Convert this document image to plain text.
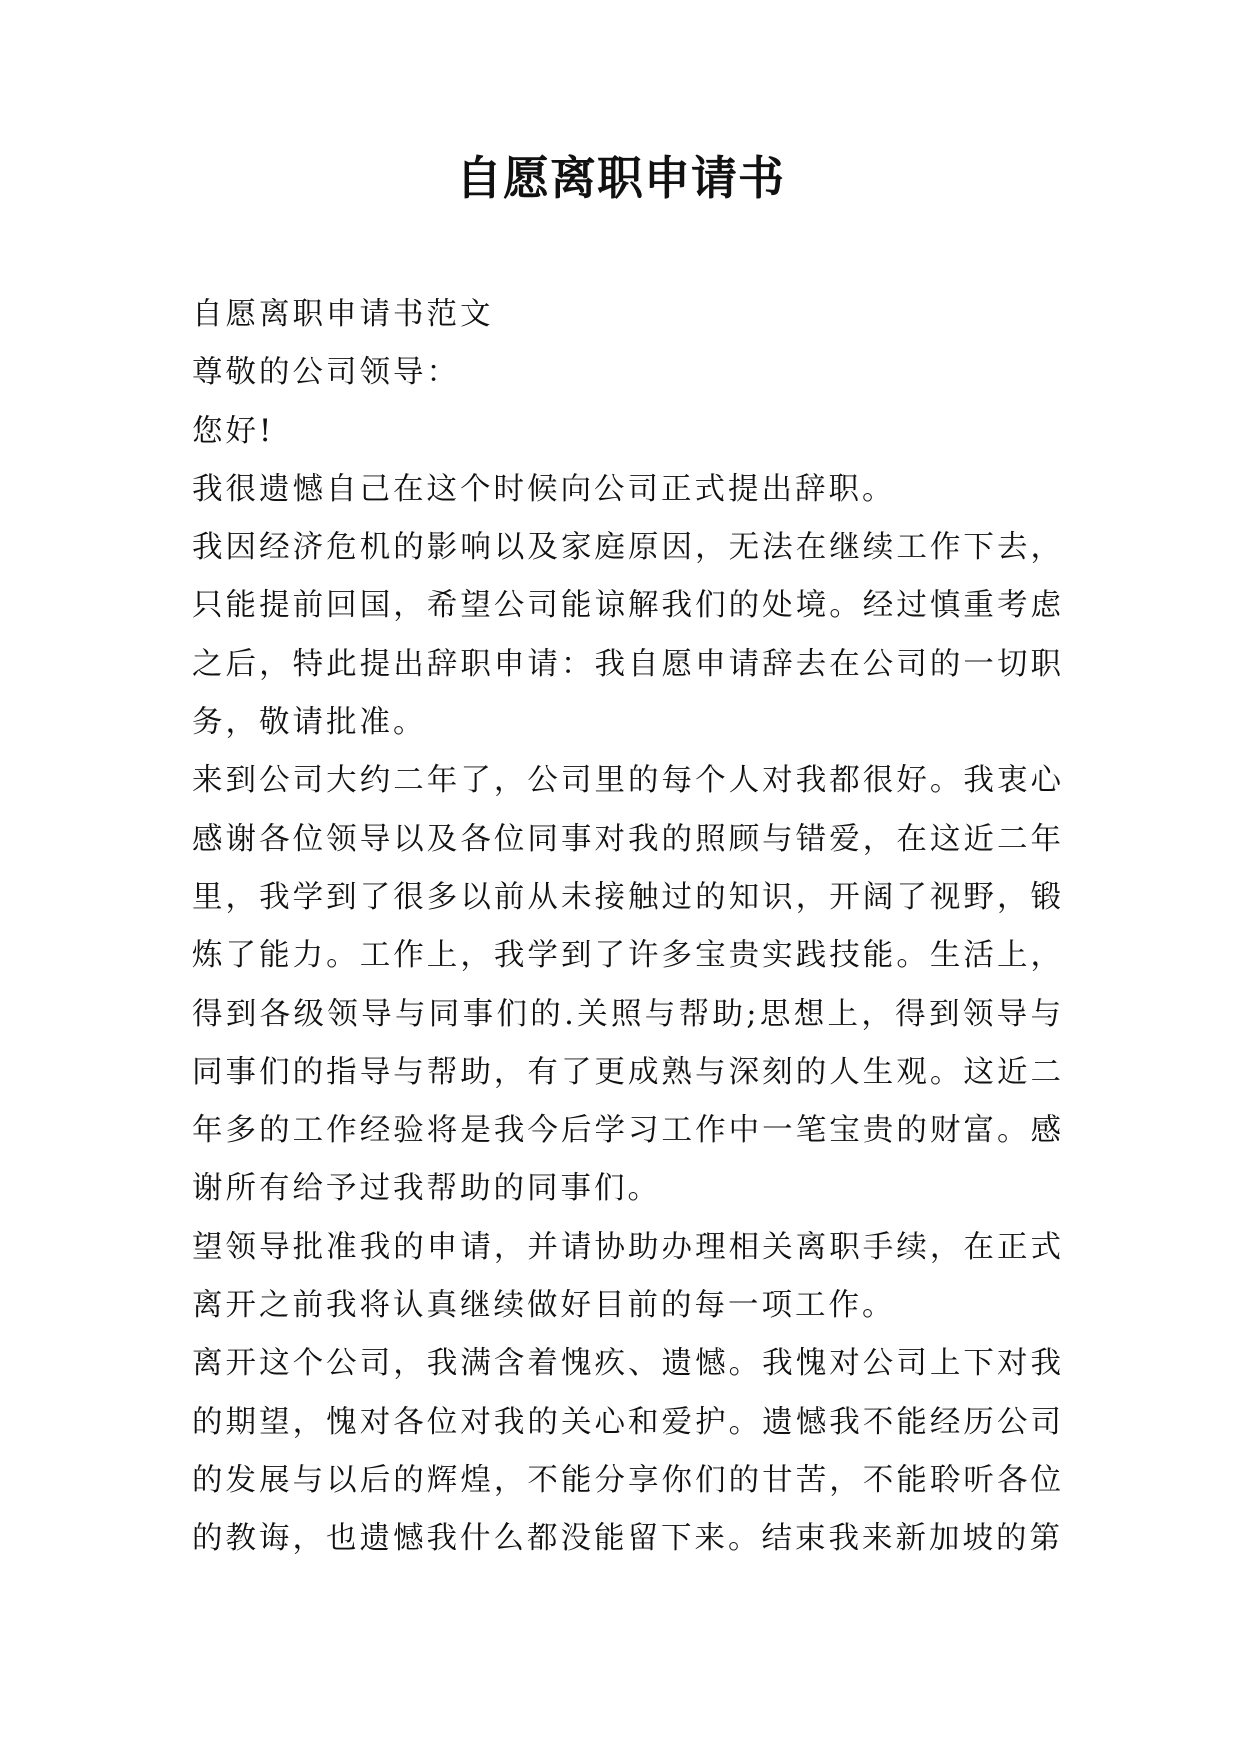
自愿离职申请书

自愿离职申请书范文

尊敬的公司领导：

您好!

我很遗憾自己在这个时候向公司正式提出辞职。

我因经济危机的影响以及家庭原因，无法在继续工作下去，只能提前回国，希望公司能谅解我们的处境。经过慎重考虑之后，特此提出辞职申请：我自愿申请辞去在公司的一切职务，敬请批准。

来到公司大约二年了，公司里的每个人对我都很好。我衷心感谢各位领导以及各位同事对我的照顾与错爱，在这近二年里，我学到了很多以前从未接触过的知识，开阔了视野，锻炼了能力。工作上，我学到了许多宝贵实践技能。生活上，得到各级领导与同事们的.关照与帮助;思想上，得到领导与同事们的指导与帮助，有了更成熟与深刻的人生观。这近二年多的工作经验将是我今后学习工作中一笔宝贵的财富。感谢所有给予过我帮助的同事们。

望领导批准我的申请，并请协助办理相关离职手续，在正式离开之前我将认真继续做好目前的每一项工作。

离开这个公司，我满含着愧疚、遗憾。我愧对公司上下对我的期望，愧对各位对我的关心和爱护。遗憾我不能经历公司的发展与以后的辉煌，不能分享你们的甘苦，不能聆听各位的教诲，也遗憾我什么都没能留下来。结束我来新加坡的第
